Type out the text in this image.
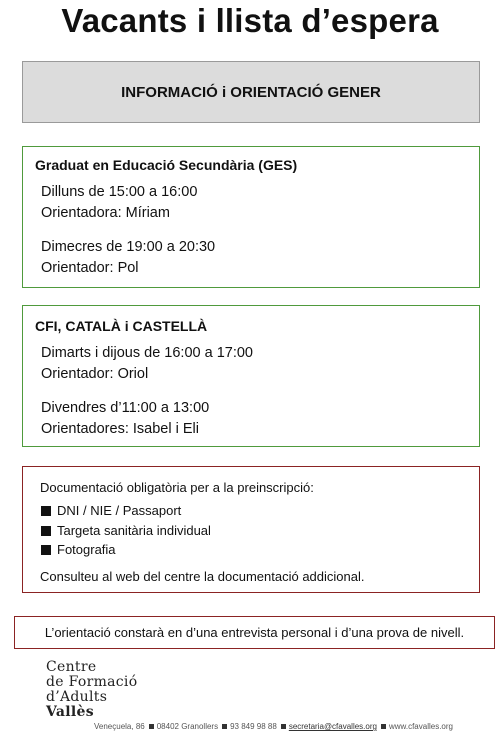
Vacants i llista d’espera
INFORMACIÓ i ORIENTACIÓ GENER
Graduat en Educació Secundària (GES)
Dilluns de 15:00 a 16:00
Orientadora: Míriam
Dimecres de 19:00 a 20:30
Orientador: Pol
CFI, CATALÀ i CASTELLÀ
Dimarts i dijous de 16:00 a 17:00
Orientador: Oriol
Divendres d’11:00 a 13:00
Orientadores: Isabel i Eli
Documentació obligatòria per a la preinscripció:
DNI / NIE / Passaport
Targeta sanitària individual
Fotografia
Consulteu al web del centre la documentació addicional.
L’orientació constarà en d’una entrevista personal i d’una prova de nivell.
Centre
de Formació
d’Adults
Vallès
Veneçuela, 86 08402 Granollers 93 849 98 88 secretaria@cfavalles.org www.cfavalles.org
